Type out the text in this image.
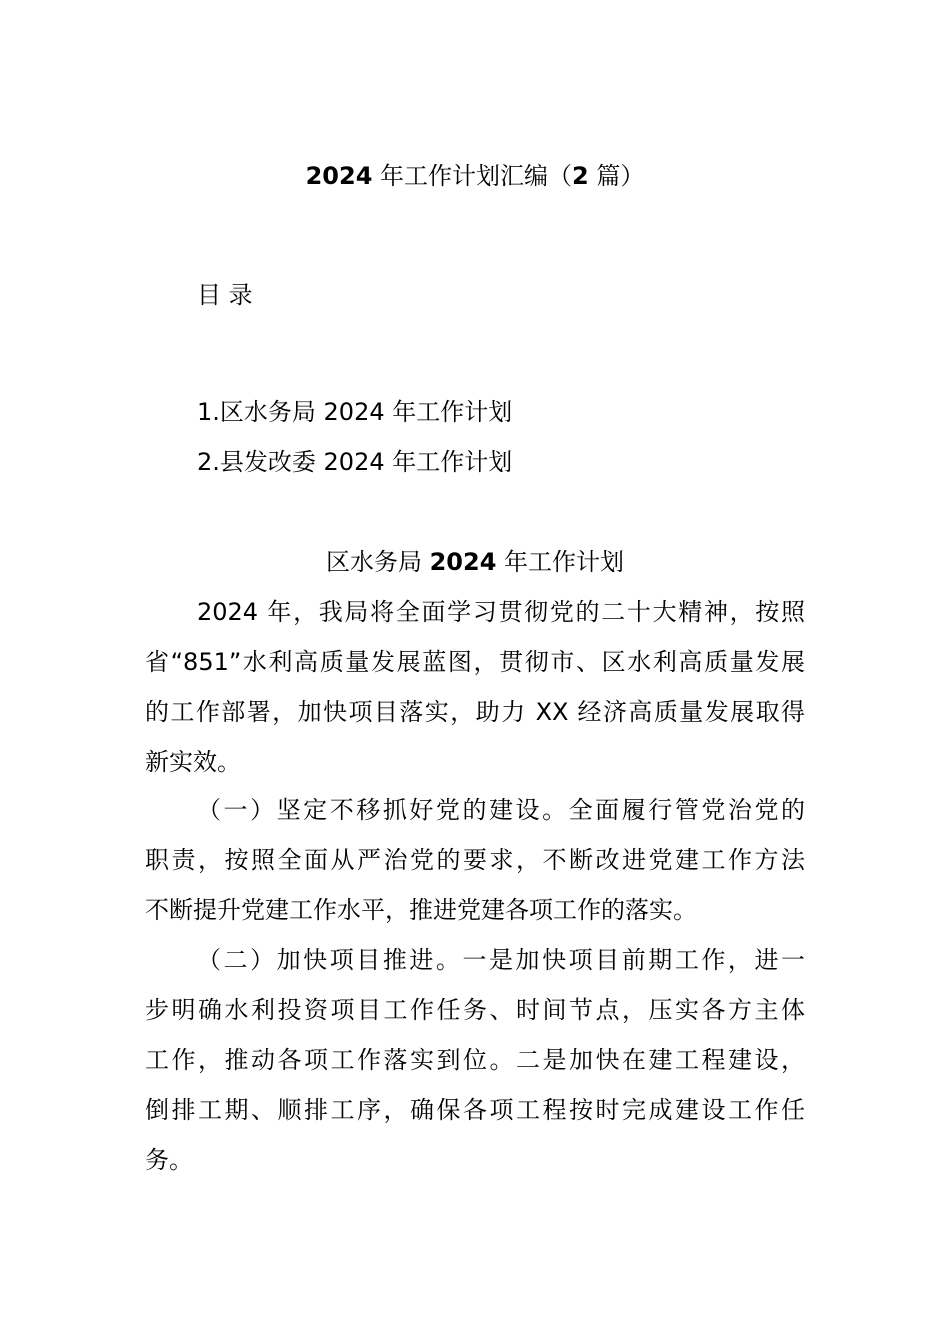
2024 年工作计划汇编（2 篇）
目 录
1.区水务局 2024 年工作计划
2.县发改委 2024 年工作计划
区水务局 2024 年工作计划
2024 年，我局将全面学习贯彻党的二十大精神，按照
省“851”水利高质量发展蓝图，贯彻市、区水利高质量发展
的工作部署，加快项目落实，助力 XX 经济高质量发展取得
新实效。
（一）坚定不移抓好党的建设。全面履行管党治党的
职责，按照全面从严治党的要求，不断改进党建工作方法
不断提升党建工作水平，推进党建各项工作的落实。
（二）加快项目推进。一是加快项目前期工作，进一
步明确水利投资项目工作任务、时间节点，压实各方主体
工作，推动各项工作落实到位。二是加快在建工程建设，
倒排工期、顺排工序，确保各项工程按时完成建设工作任
务。
